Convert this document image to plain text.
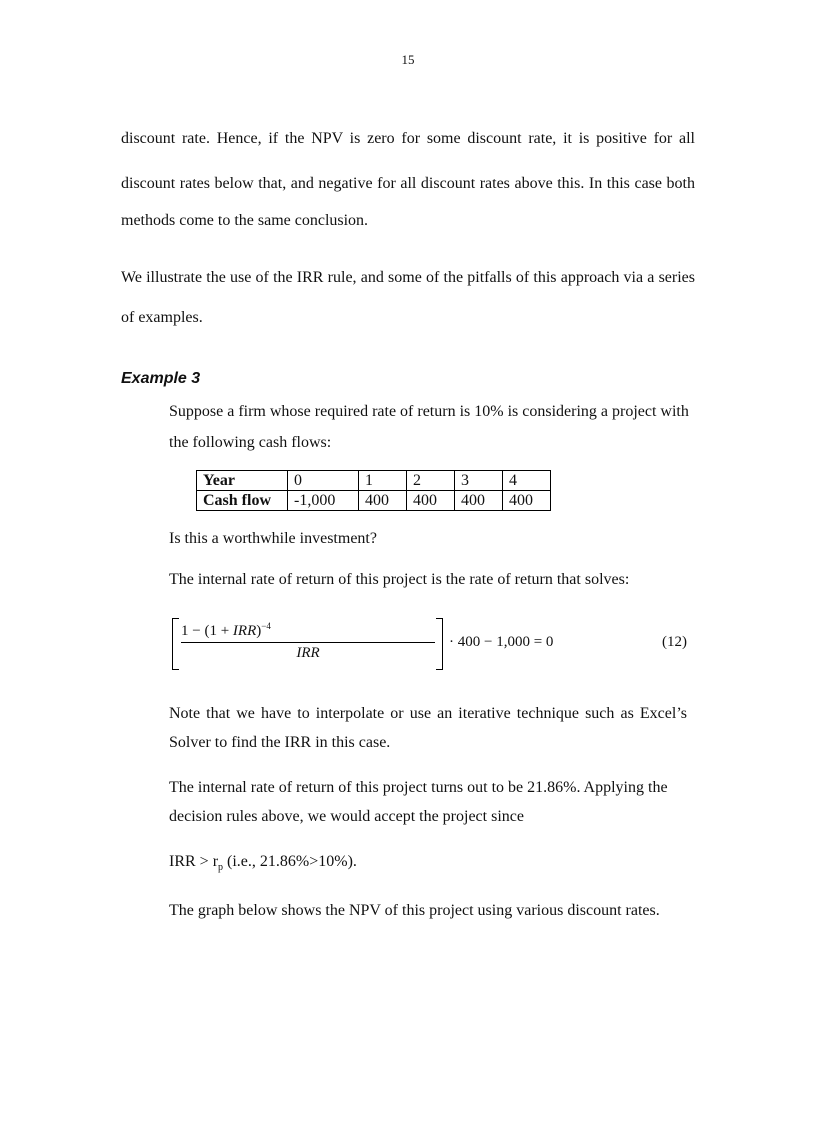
15
discount rate. Hence, if the NPV is zero for some discount rate, it is positive for all
discount rates below that, and negative for all discount rates above this. In this case both
methods come to the same conclusion.
We illustrate the use of the IRR rule, and some of the pitfalls of this approach via a series
of examples.
Example 3
Suppose a firm whose required rate of return is 10% is considering a project with
the following cash flows:
Year	0	1	2	3	4
Cash flow	-1,000	400	400	400	400
Is this a worthwhile investment?
The internal rate of return of this project is the rate of return that solves:
1 − (1 + IRR)$^{-4}$
IRR
· 400 − 1,000 = 0	(12)
Note that we have to interpolate or use an iterative technique such as Excel’s
Solver to find the IRR in this case.
The internal rate of return of this project turns out to be 21.86%. Applying the
decision rules above, we would accept the project since
IRR > $r_p$ (i.e., 21.86%>10%).
The graph below shows the NPV of this project using various discount rates.
